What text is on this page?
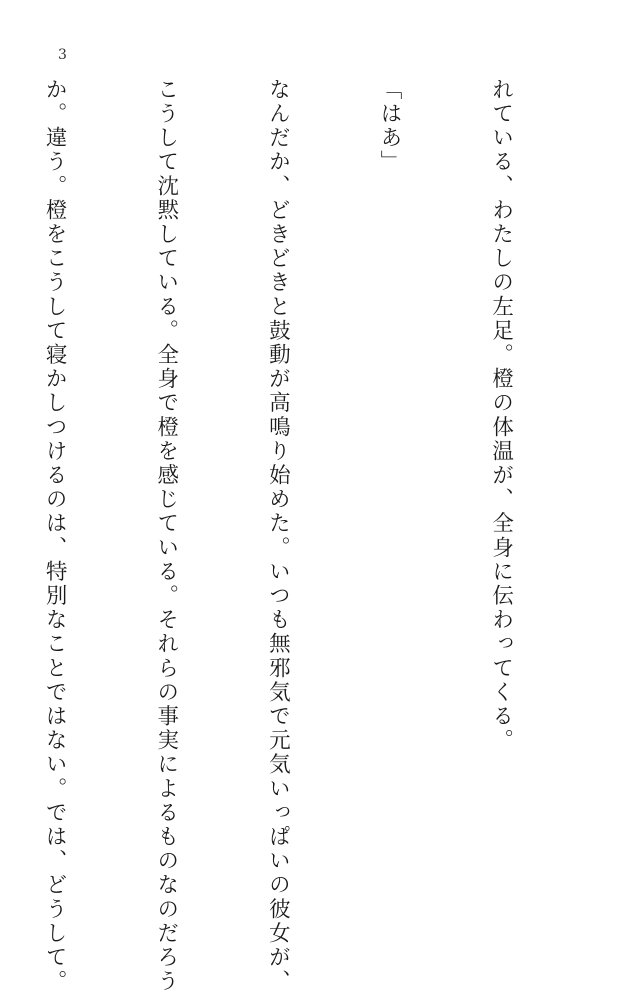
3

れている、わたしの左足。橙の体温が、全身に伝わってくる。

「はあ」

なんだか、どきどきと鼓動が高鳴り始めた。いつも無邪気で元気いっぱいの彼女が、

こうして沈黙している。全身で橙を感じている。それらの事実によるものなのだろう

か。違う。橙をこうして寝かしつけるのは、特別なことではない。では、どうして。
